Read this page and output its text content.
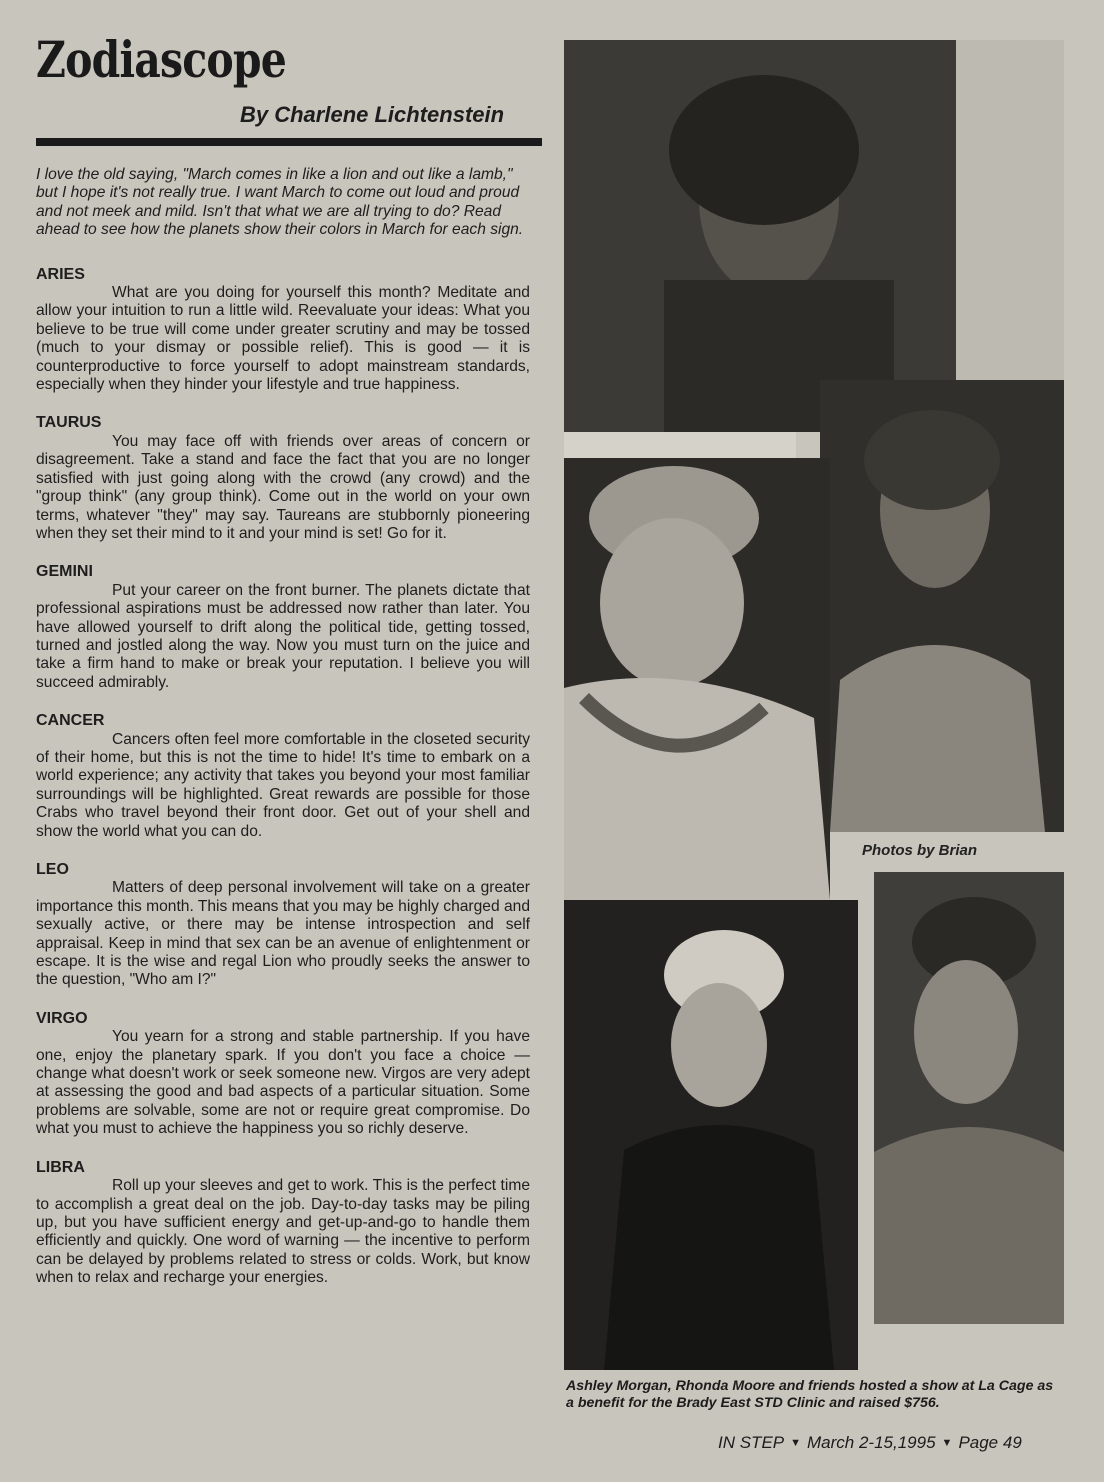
Zodiascope
By Charlene Lichtenstein

I love the old saying, "March comes in like a lion and out like a lamb," but I hope it's not really true. I want March to come out loud and proud and not meek and mild. Isn't that what we are all trying to do? Read ahead to see how the planets show their colors in March for each sign.

ARIES

What are you doing for yourself this month? Meditate and allow your intuition to run a little wild. Reevaluate your ideas: What you believe to be true will come under greater scrutiny and may be tossed (much to your dismay or possible relief). This is good — it is counterproductive to force yourself to adopt mainstream standards, especially when they hinder your lifestyle and true happiness.

TAURUS

You may face off with friends over areas of concern or disagreement. Take a stand and face the fact that you are no longer satisfied with just going along with the crowd (any crowd) and the "group think" (any group think). Come out in the world on your own terms, whatever "they" may say. Taureans are stubbornly pioneering when they set their mind to it and your mind is set! Go for it.

GEMINI

Put your career on the front burner. The planets dictate that professional aspirations must be addressed now rather than later. You have allowed yourself to drift along the political tide, getting tossed, turned and jostled along the way. Now you must turn on the juice and take a firm hand to make or break your reputation. I believe you will succeed admirably.

CANCER

Cancers often feel more comfortable in the closeted security of their home, but this is not the time to hide! It's time to embark on a world experience; any activity that takes you beyond your most familiar surroundings will be highlighted. Great rewards are possible for those Crabs who travel beyond their front door. Get out of your shell and show the world what you can do.

LEO

Matters of deep personal involvement will take on a greater importance this month. This means that you may be highly charged and sexually active, or there may be intense introspection and self appraisal. Keep in mind that sex can be an avenue of enlightenment or escape. It is the wise and regal Lion who proudly seeks the answer to the question, "Who am I?"

VIRGO

You yearn for a strong and stable partnership. If you have one, enjoy the planetary spark. If you don't you face a choice — change what doesn't work or seek someone new. Virgos are very adept at assessing the good and bad aspects of a particular situation. Some problems are solvable, some are not or require great compromise. Do what you must to achieve the happiness you so richly deserve.

LIBRA

Roll up your sleeves and get to work. This is the perfect time to accomplish a great deal on the job. Day-to-day tasks may be piling up, but you have sufficient energy and get-up-and-go to handle them efficiently and quickly. One word of warning — the incentive to perform can be delayed by problems related to stress or colds. Work, but know when to relax and recharge your energies.

Photos by Brian
Ashley Morgan, Rhonda Moore and friends hosted a show at La Cage as a benefit for the Brady East STD Clinic and raised $756.
IN STEP ▼ March 2-15,1995 ▼ Page 49
